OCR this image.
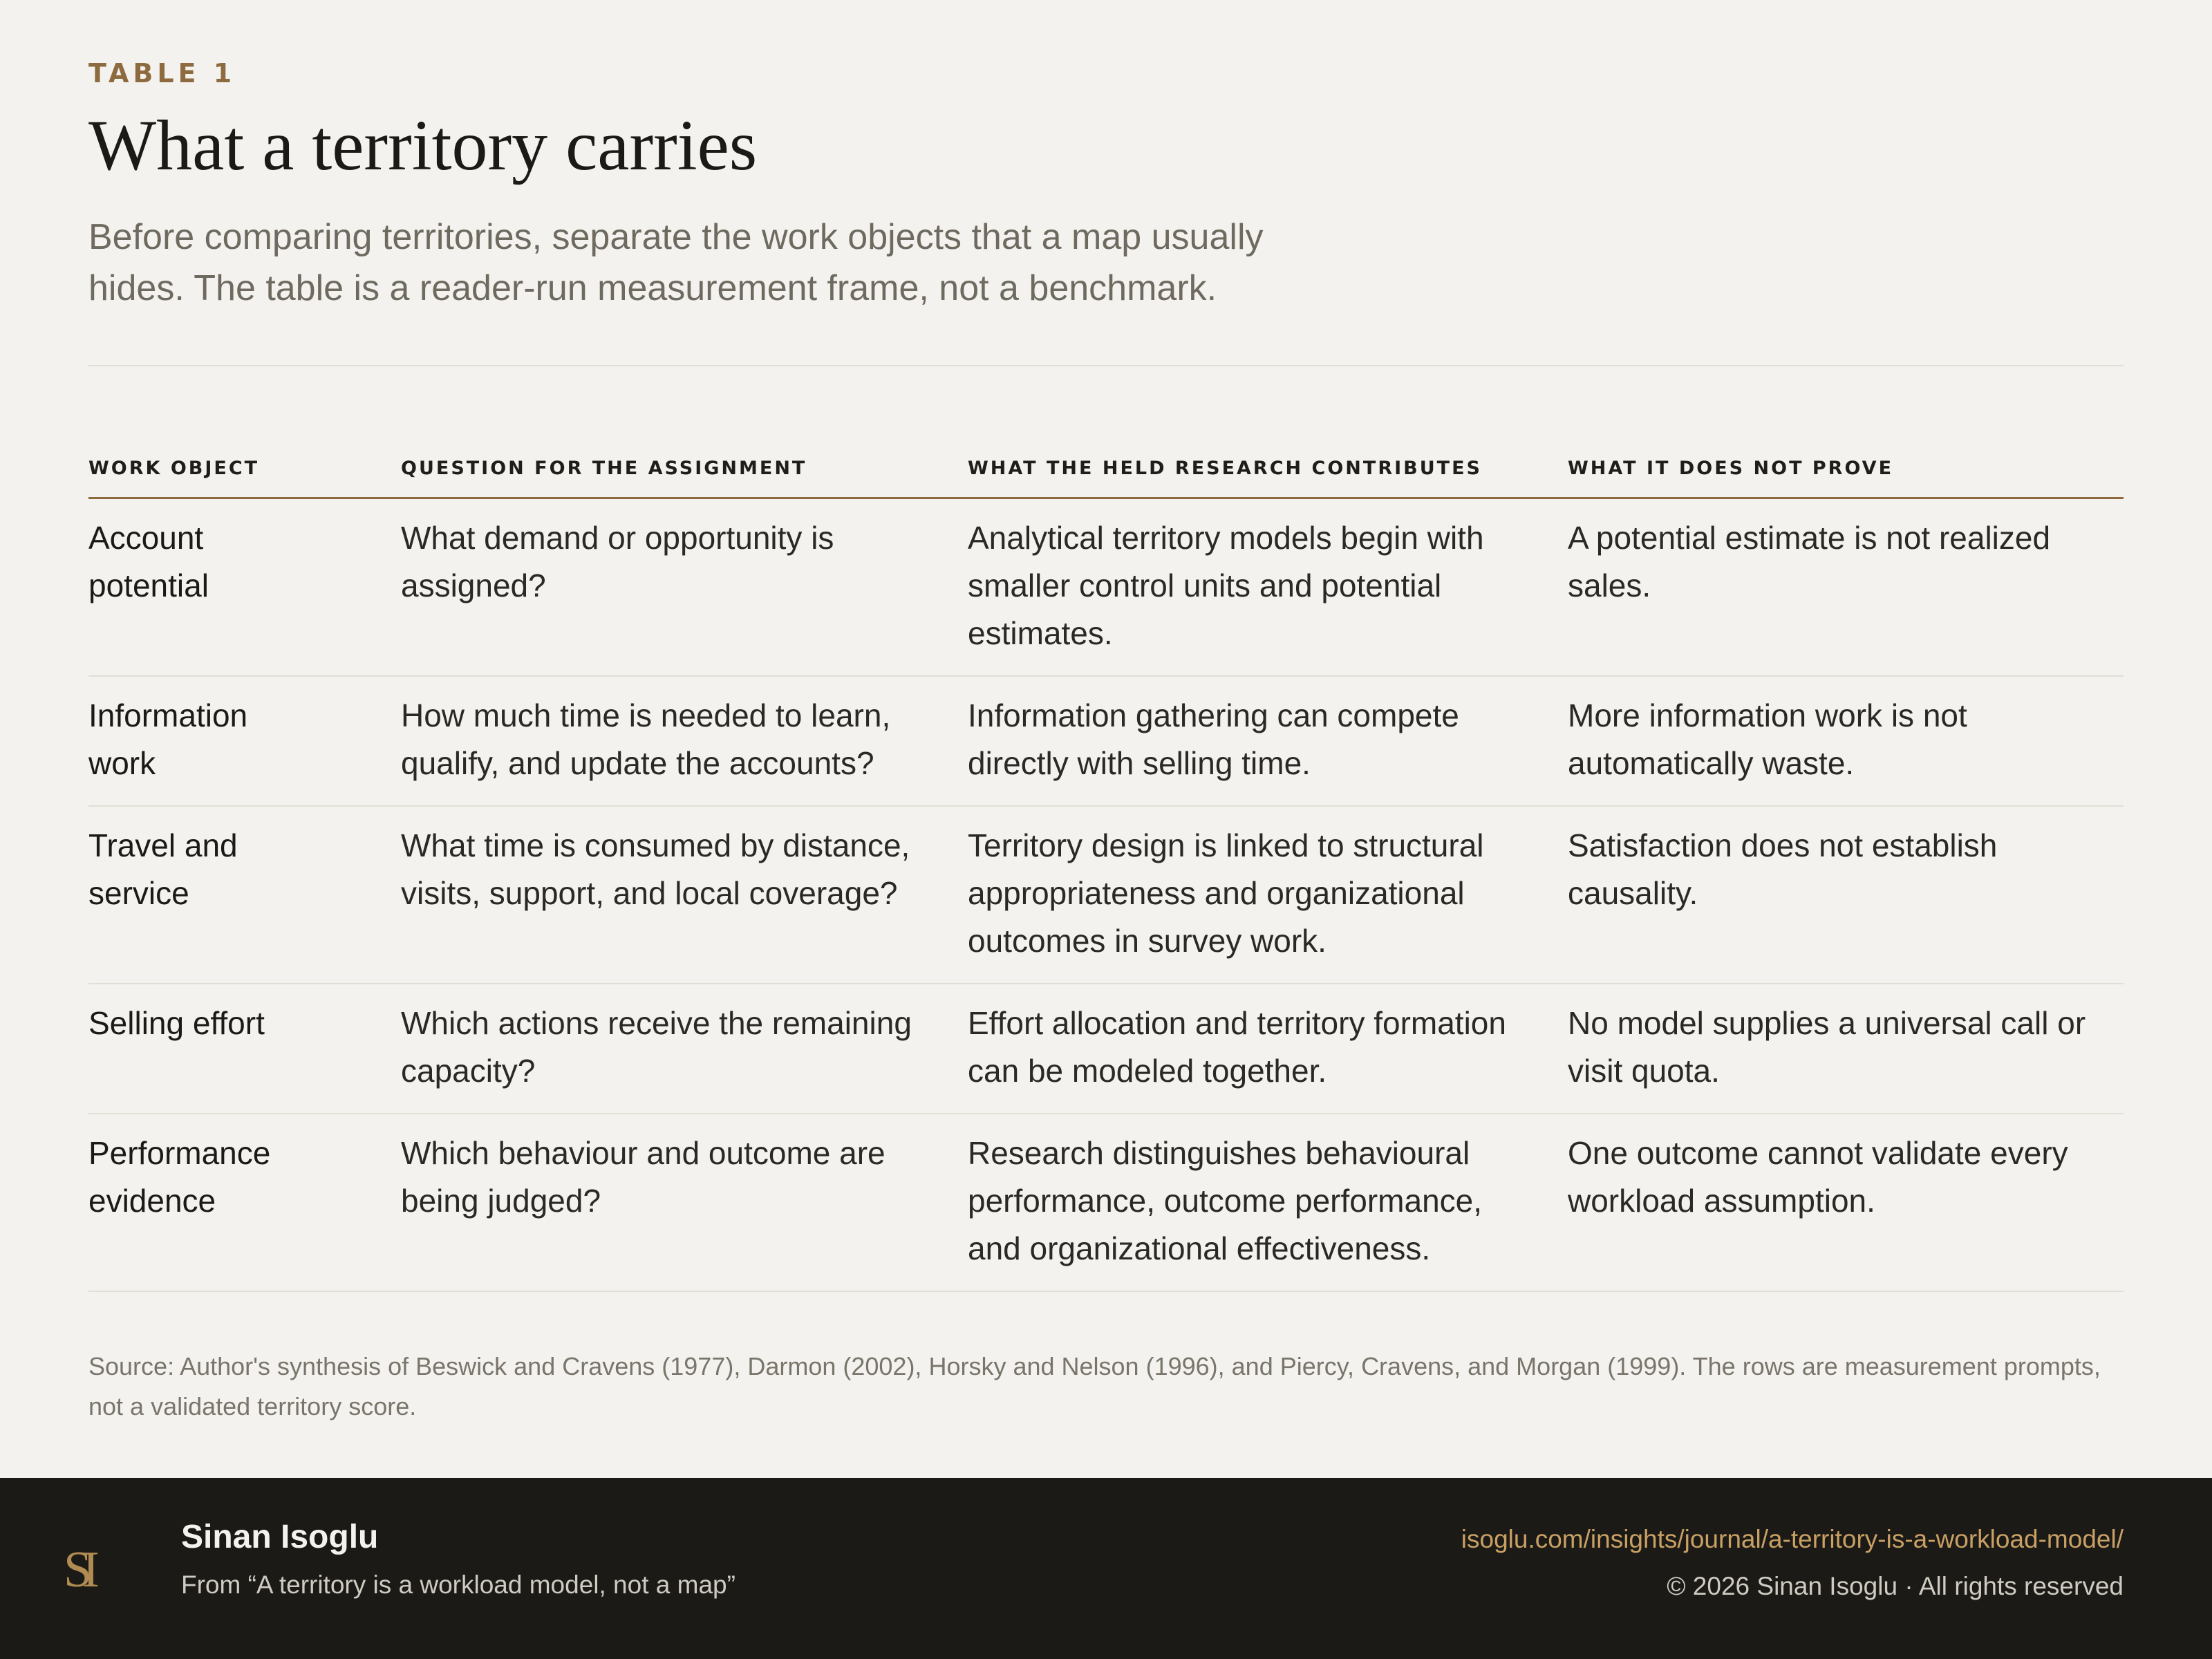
TABLE 1
What a territory carries
Before comparing territories, separate the work objects that a map usually hides. The table is a reader-run measurement frame, not a benchmark.
WORK OBJECT	QUESTION FOR THE ASSIGNMENT	WHAT THE HELD RESEARCH CONTRIBUTES	WHAT IT DOES NOT PROVE
Account potential	What demand or opportunity is assigned?	Analytical territory models begin with smaller control units and potential estimates.	A potential estimate is not realized sales.
Information work	How much time is needed to learn, qualify, and update the accounts?	Information gathering can compete directly with selling time.	More information work is not automatically waste.
Travel and service	What time is consumed by distance, visits, support, and local coverage?	Territory design is linked to structural appropriateness and organizational outcomes in survey work.	Satisfaction does not establish causality.
Selling effort	Which actions receive the remaining capacity?	Effort allocation and territory formation can be modeled together.	No model supplies a universal call or visit quota.
Performance evidence	Which behaviour and outcome are being judged?	Research distinguishes behavioural performance, outcome performance, and organizational effectiveness.	One outcome cannot validate every workload assumption.
Source: Author's synthesis of Beswick and Cravens (1977), Darmon (2002), Horsky and Nelson (1996), and Piercy, Cravens, and Morgan (1999). The rows are measurement prompts, not a validated territory score.
SI
Sinan Isoglu
From “A territory is a workload model, not a map”
isoglu.com/insights/journal/a-territory-is-a-workload-model/
© 2026 Sinan Isoglu · All rights reserved
